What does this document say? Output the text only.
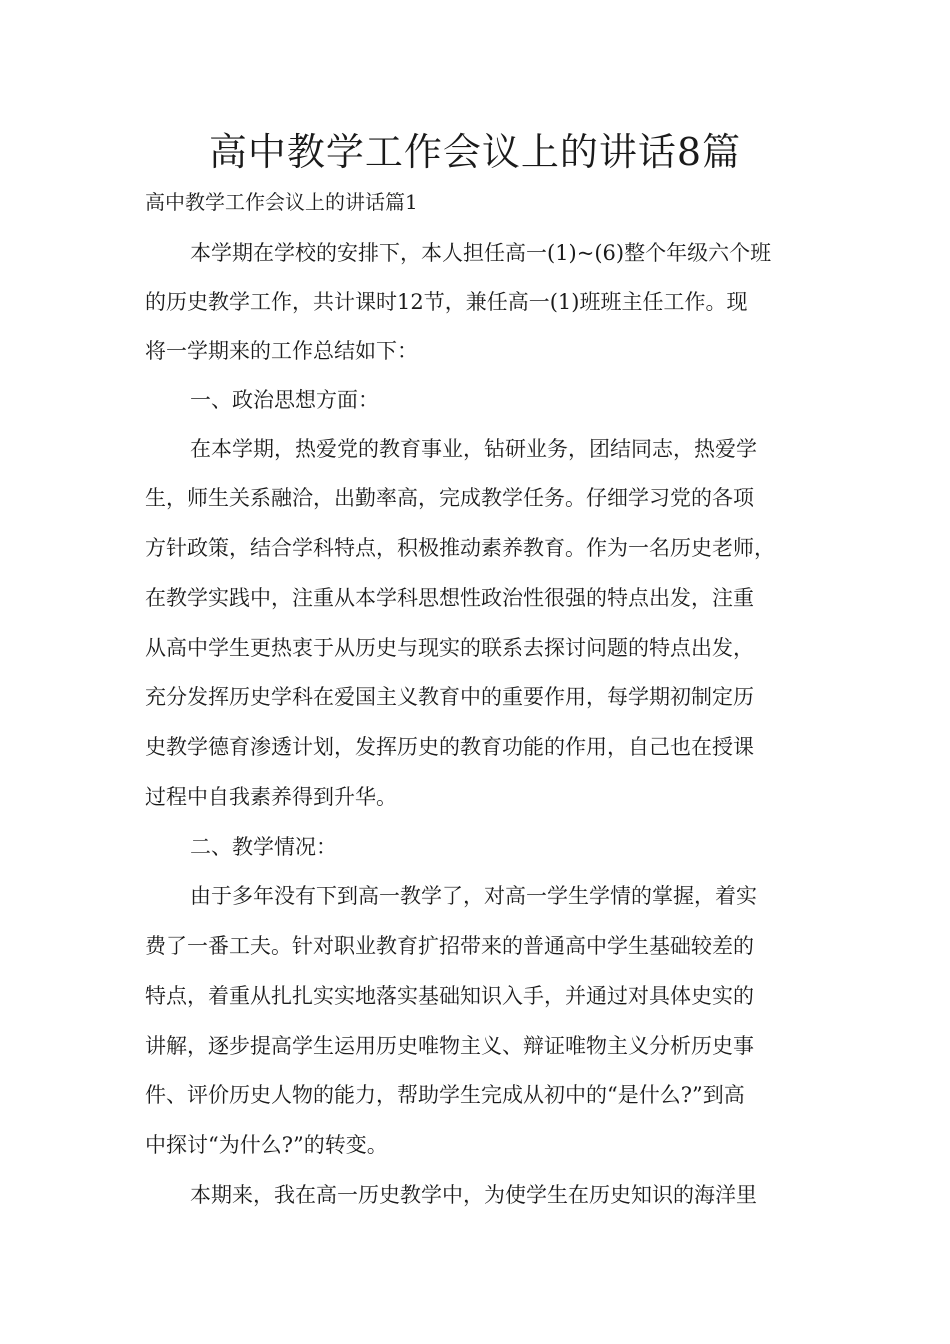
高中教学工作会议上的讲话8篇

高中教学工作会议上的讲话篇1

本学期在学校的安排下，本人担任高一(1)~(6)整个年级六个班

的历史教学工作，共计课时12节，兼任高一(1)班班主任工作。现

将一学期来的工作总结如下：

一、政治思想方面：

在本学期，热爱党的教育事业，钻研业务，团结同志，热爱学

生，师生关系融洽，出勤率高，完成教学任务。仔细学习党的各项

方针政策，结合学科特点，积极推动素养教育。作为一名历史老师，

在教学实践中，注重从本学科思想性政治性很强的特点出发，注重

从高中学生更热衷于从历史与现实的联系去探讨问题的特点出发，

充分发挥历史学科在爱国主义教育中的重要作用，每学期初制定历

史教学德育渗透计划，发挥历史的教育功能的作用，自己也在授课

过程中自我素养得到升华。

二、教学情况：

由于多年没有下到高一教学了，对高一学生学情的掌握，着实

费了一番工夫。针对职业教育扩招带来的普通高中学生基础较差的

特点，着重从扎扎实实地落实基础知识入手，并通过对具体史实的

讲解，逐步提高学生运用历史唯物主义、辩证唯物主义分析历史事

件、评价历史人物的能力，帮助学生完成从初中的“是什么?”到高

中探讨“为什么?”的转变。

本期来，我在高一历史教学中，为使学生在历史知识的海洋里
